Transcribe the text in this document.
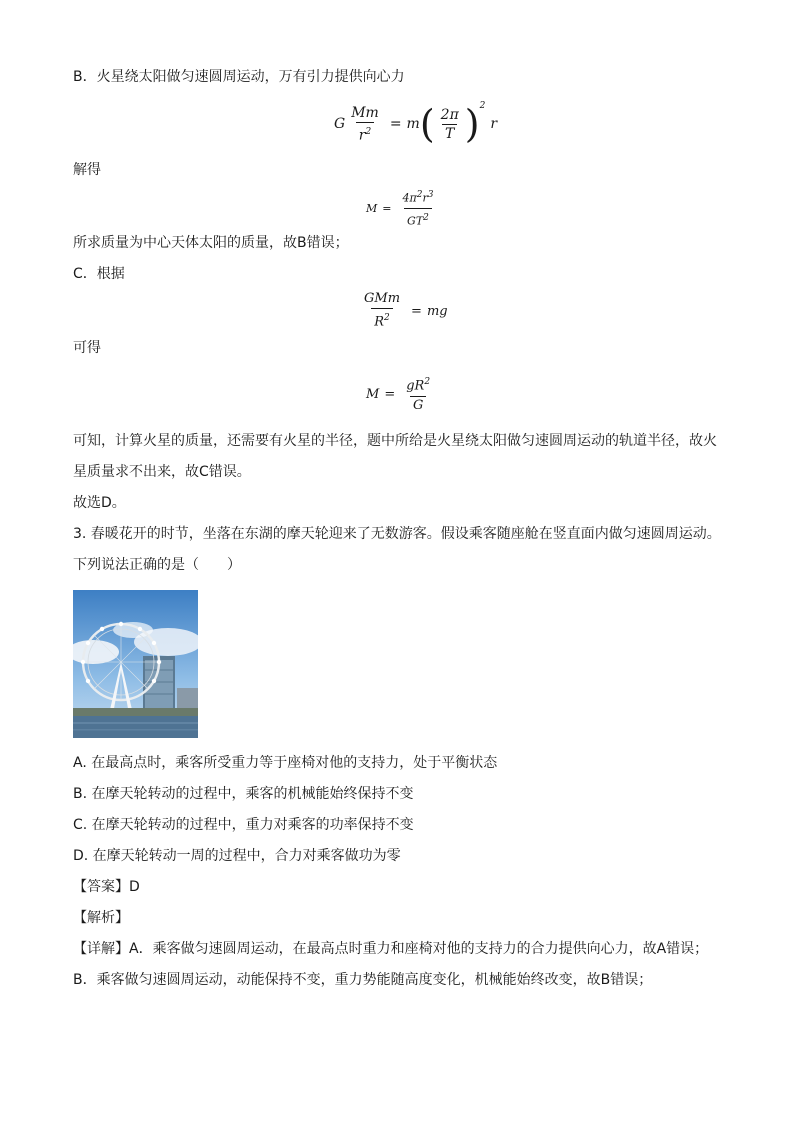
B．火星绕太阳做匀速圆周运动，万有引力提供向心力
G $\frac{Mm}{r^2} = m$ ( $\frac{2\pi}{T} )^2$
r
解得
$M = \frac{4\pi^2r^3}{GT^2}$
所求质量为中心天体太阳的质量，故B错误；
C．根据
$\frac{\text{GMm}}{R^2}$ = mg
可得
$M = \frac{gR^2}{G}$
可知，计算火星的质量，还需要有火星的半径，题中所给是火星绕太阳做匀速圆周运动的轨道半径，故火
星质量求不出来，故C错误。
故选D。
3. 春暖花开的时节，坐落在东湖的摩天轮迎来了无数游客。假设乘客随座舱在竖直面内做匀速圆周运动。
下列说法正确的是（　　）
A. 在最高点时，乘客所受重力等于座椅对他的支持力，处于平衡状态
B. 在摩天轮转动的过程中，乘客的机械能始终保持不变
C. 在摩天轮转动的过程中，重力对乘客的功率保持不变
D. 在摩天轮转动一周的过程中，合力对乘客做功为零
【答案】D
【解析】
【详解】A．乘客做匀速圆周运动，在最高点时重力和座椅对他的支持力的合力提供向心力，故A错误；
B．乘客做匀速圆周运动，动能保持不变，重力势能随高度变化，机械能始终改变，故B错误；
